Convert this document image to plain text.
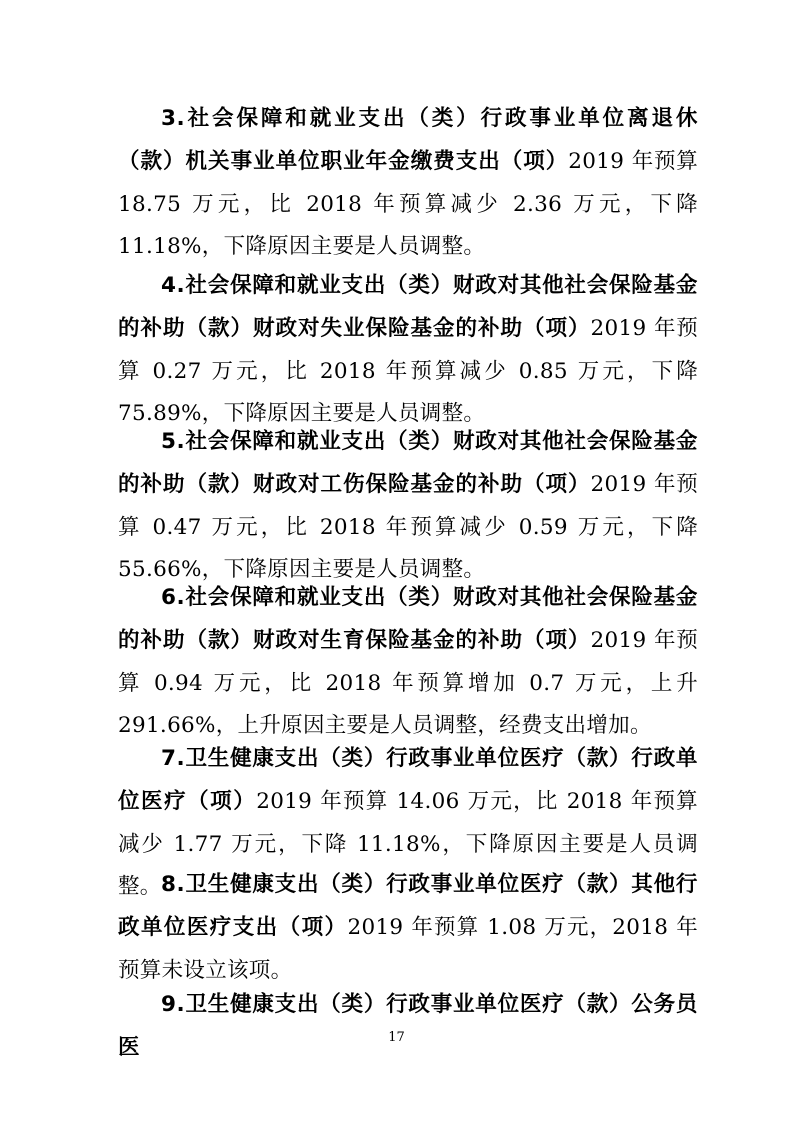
3.社会保障和就业支出（类）行政事业单位离退休（款）机关事业单位职业年金缴费支出（项）2019 年预算 18.75 万元，比 2018 年预算减少 2.36 万元，下降 11.18%，下降原因主要是人员调整。

4.社会保障和就业支出（类）财政对其他社会保险基金的补助（款）财政对失业保险基金的补助（项）2019 年预算 0.27 万元，比 2018 年预算减少 0.85 万元，下降 75.89%，下降原因主要是人员调整。

5.社会保障和就业支出（类）财政对其他社会保险基金的补助（款）财政对工伤保险基金的补助（项）2019 年预算 0.47 万元，比 2018 年预算减少 0.59 万元，下降 55.66%，下降原因主要是人员调整。

6.社会保障和就业支出（类）财政对其他社会保险基金的补助（款）财政对生育保险基金的补助（项）2019 年预算 0.94 万元，比 2018 年预算增加 0.7 万元，上升 291.66%，上升原因主要是人员调整，经费支出增加。

7.卫生健康支出（类）行政事业单位医疗（款）行政单位医疗（项）2019 年预算 14.06 万元，比 2018 年预算减少 1.77 万元，下降 11.18%，下降原因主要是人员调整。 8.卫生健康支出（类）行政事业单位医疗（款）其他行政单位医疗支出（项）2019 年预算 1.08 万元，2018 年预算未设立该项。

9.卫生健康支出（类）行政事业单位医疗（款）公务员医	17
